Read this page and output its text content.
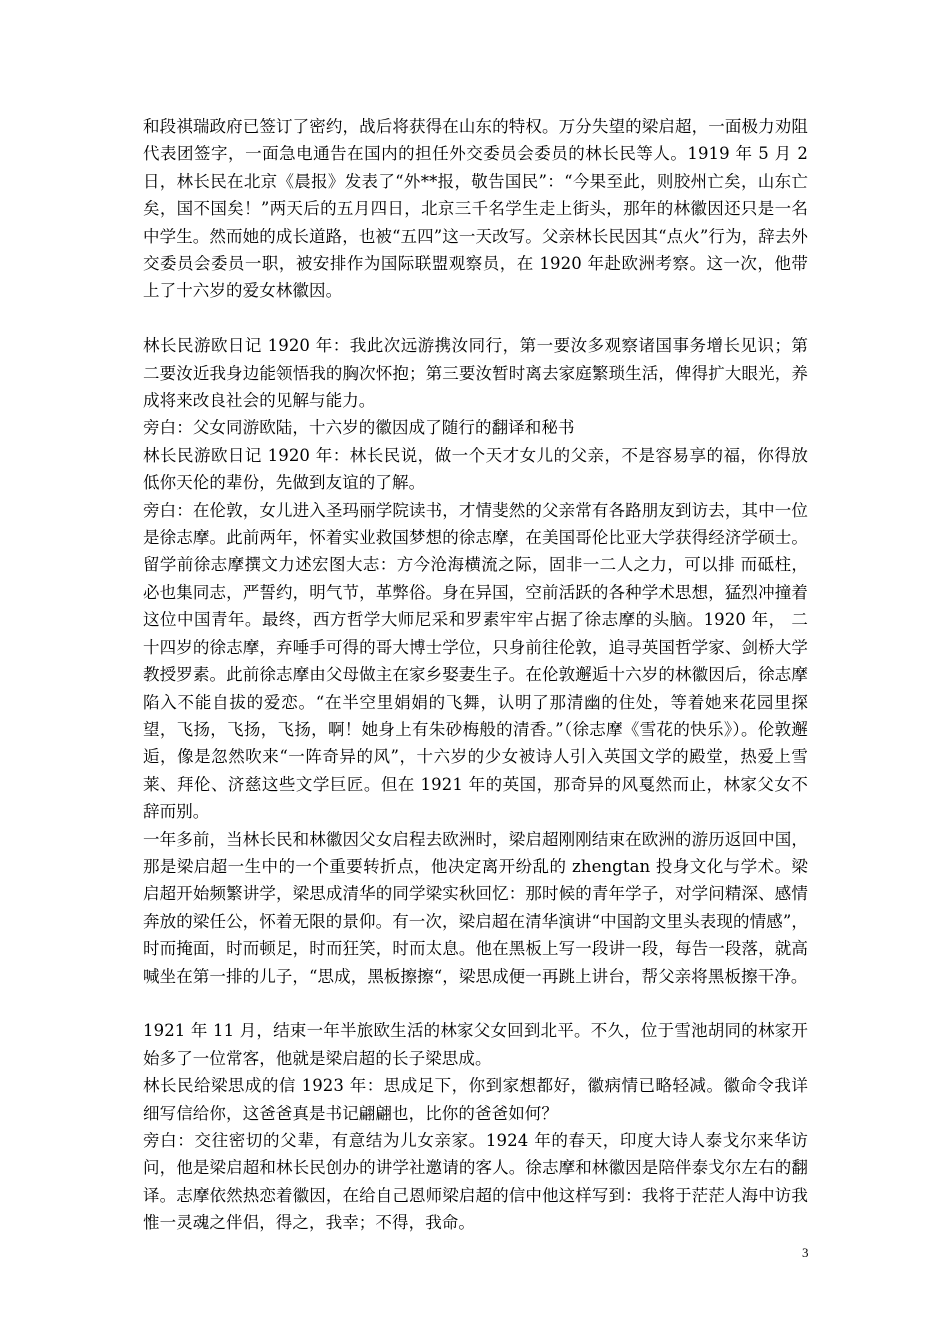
和段祺瑞政府已签订了密约，战后将获得在山东的特权。万分失望的梁启超，一面极力劝阻代表团签字，一面急电通告在国内的担任外交委员会委员的林长民等人。1919 年 5 月 2 日，林长民在北京《晨报》发表了“外**报，敬告国民”：“今果至此，则胶州亡矣，山东亡矣，国不国矣！”两天后的五月四日，北京三千名学生走上街头，那年的林徽因还只是一名中学生。然而她的成长道路，也被“五四”这一天改写。父亲林长民因其“点火”行为，辞去外交委员会委员一职，被安排作为国际联盟观察员，在 1920 年赴欧洲考察。这一次，他带上了十六岁的爱女林徽因。

林长民游欧日记 1920 年：我此次远游携汝同行，第一要汝多观察诸国事务增长见识；第二要汝近我身边能领悟我的胸次怀抱；第三要汝暂时离去家庭繁琐生活，俾得扩大眼光，养成将来改良社会的见解与能力。

旁白：父女同游欧陆，十六岁的徽因成了随行的翻译和秘书

林长民游欧日记 1920 年：林长民说，做一个天才女儿的父亲，不是容易享的福，你得放低你天伦的辈份，先做到友谊的了解。

旁白：在伦敦，女儿进入圣玛丽学院读书，才情斐然的父亲常有各路朋友到访去，其中一位是徐志摩。此前两年，怀着实业救国梦想的徐志摩，在美国哥伦比亚大学获得经济学硕士。留学前徐志摩撰文力述宏图大志：方今沧海横流之际，固非一二人之力，可以排 而砥柱，必也集同志，严誓约，明气节，革弊俗。身在异国，空前活跃的各种学术思想，猛烈冲撞着这位中国青年。最终，西方哲学大师尼采和罗素牢牢占据了徐志摩的头脑。1920 年， 二十四岁的徐志摩，弃唾手可得的哥大博士学位，只身前往伦敦，追寻英国哲学家、剑桥大学教授罗素。此前徐志摩由父母做主在家乡娶妻生子。在伦敦邂逅十六岁的林徽因后，徐志摩陷入不能自拔的爱恋。“在半空里娟娟的飞舞，认明了那清幽的住处，等着她来花园里探望，飞扬，飞扬，飞扬，啊！她身上有朱砂梅般的清香。”（徐志摩《雪花的快乐》）。伦敦邂逅，像是忽然吹来“一阵奇异的风”，十六岁的少女被诗人引入英国文学的殿堂，热爱上雪莱、拜伦、济慈这些文学巨匠。但在 1921 年的英国，那奇异的风戛然而止，林家父女不辞而别。

一年多前，当林长民和林徽因父女启程去欧洲时，梁启超刚刚结束在欧洲的游历返回中国，那是梁启超一生中的一个重要转折点，他决定离开纷乱的 zhengtan 投身文化与学术。梁启超开始频繁讲学，梁思成清华的同学梁实秋回忆：那时候的青年学子，对学问精深、感情奔放的梁任公，怀着无限的景仰。有一次，梁启超在清华演讲“中国韵文里头表现的情感”，时而掩面，时而顿足，时而狂笑，时而太息。他在黑板上写一段讲一段，每告一段落，就高喊坐在第一排的儿子，“思成，黑板擦擦“，梁思成便一再跳上讲台，帮父亲将黑板擦干净。

1921 年 11 月，结束一年半旅欧生活的林家父女回到北平。不久，位于雪池胡同的林家开始多了一位常客，他就是梁启超的长子梁思成。

林长民给梁思成的信 1923 年：思成足下，你到家想都好，徽病情已略轻减。徽命令我详细写信给你，这爸爸真是书记翩翩也，比你的爸爸如何？

旁白：交往密切的父辈，有意结为儿女亲家。1924 年的春天，印度大诗人泰戈尔来华访问，他是梁启超和林长民创办的讲学社邀请的客人。徐志摩和林徽因是陪伴泰戈尔左右的翻译。志摩依然热恋着徽因，在给自己恩师梁启超的信中他这样写到：我将于茫茫人海中访我惟一灵魂之伴侣，得之，我幸；不得，我命。

3
